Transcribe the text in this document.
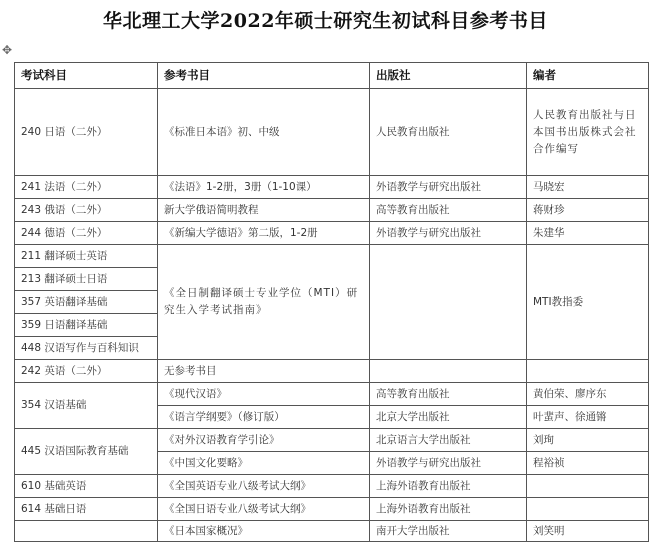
华北理工大学2022年硕士研究生初试科目参考书目
✥
考试科目	参考书目	出版社	编者
240 日语（二外）	《标准日本语》初、中级	人民教育出版社	人民教育出版社与日本国书出版株式会社合作编写
241 法语（二外）	《法语》1-2册，3册（1-10课）	外语教学与研究出版社	马晓宏
243 俄语（二外）	新大学俄语简明教程	高等教育出版社	蒋财珍
244 德语（二外）	《新编大学德语》第二版，1-2册	外语教学与研究出版社	朱建华
211 翻译硕士英语	《全日制翻译硕士专业学位（MTI）研究生入学考试指南》		MTI教指委
213 翻译硕士日语			
357 英语翻译基础			
359 日语翻译基础			
448 汉语写作与百科知识			
242 英语（二外）	无参考书目		
354 汉语基础	《现代汉语》	高等教育出版社	黄伯荣、廖序东
	《语言学纲要》（修订版）	北京大学出版社	叶蜚声、徐通锵
445 汉语国际教育基础	《对外汉语教育学引论》	北京语言大学出版社	刘珣
	《中国文化要略》	外语教学与研究出版社	程裕祯
610 基础英语	《全国英语专业八级考试大纲》	上海外语教育出版社	
614 基础日语	《全国日语专业八级考试大纲》	上海外语教育出版社	
	《日本国家概况》	南开大学出版社	刘笑明
